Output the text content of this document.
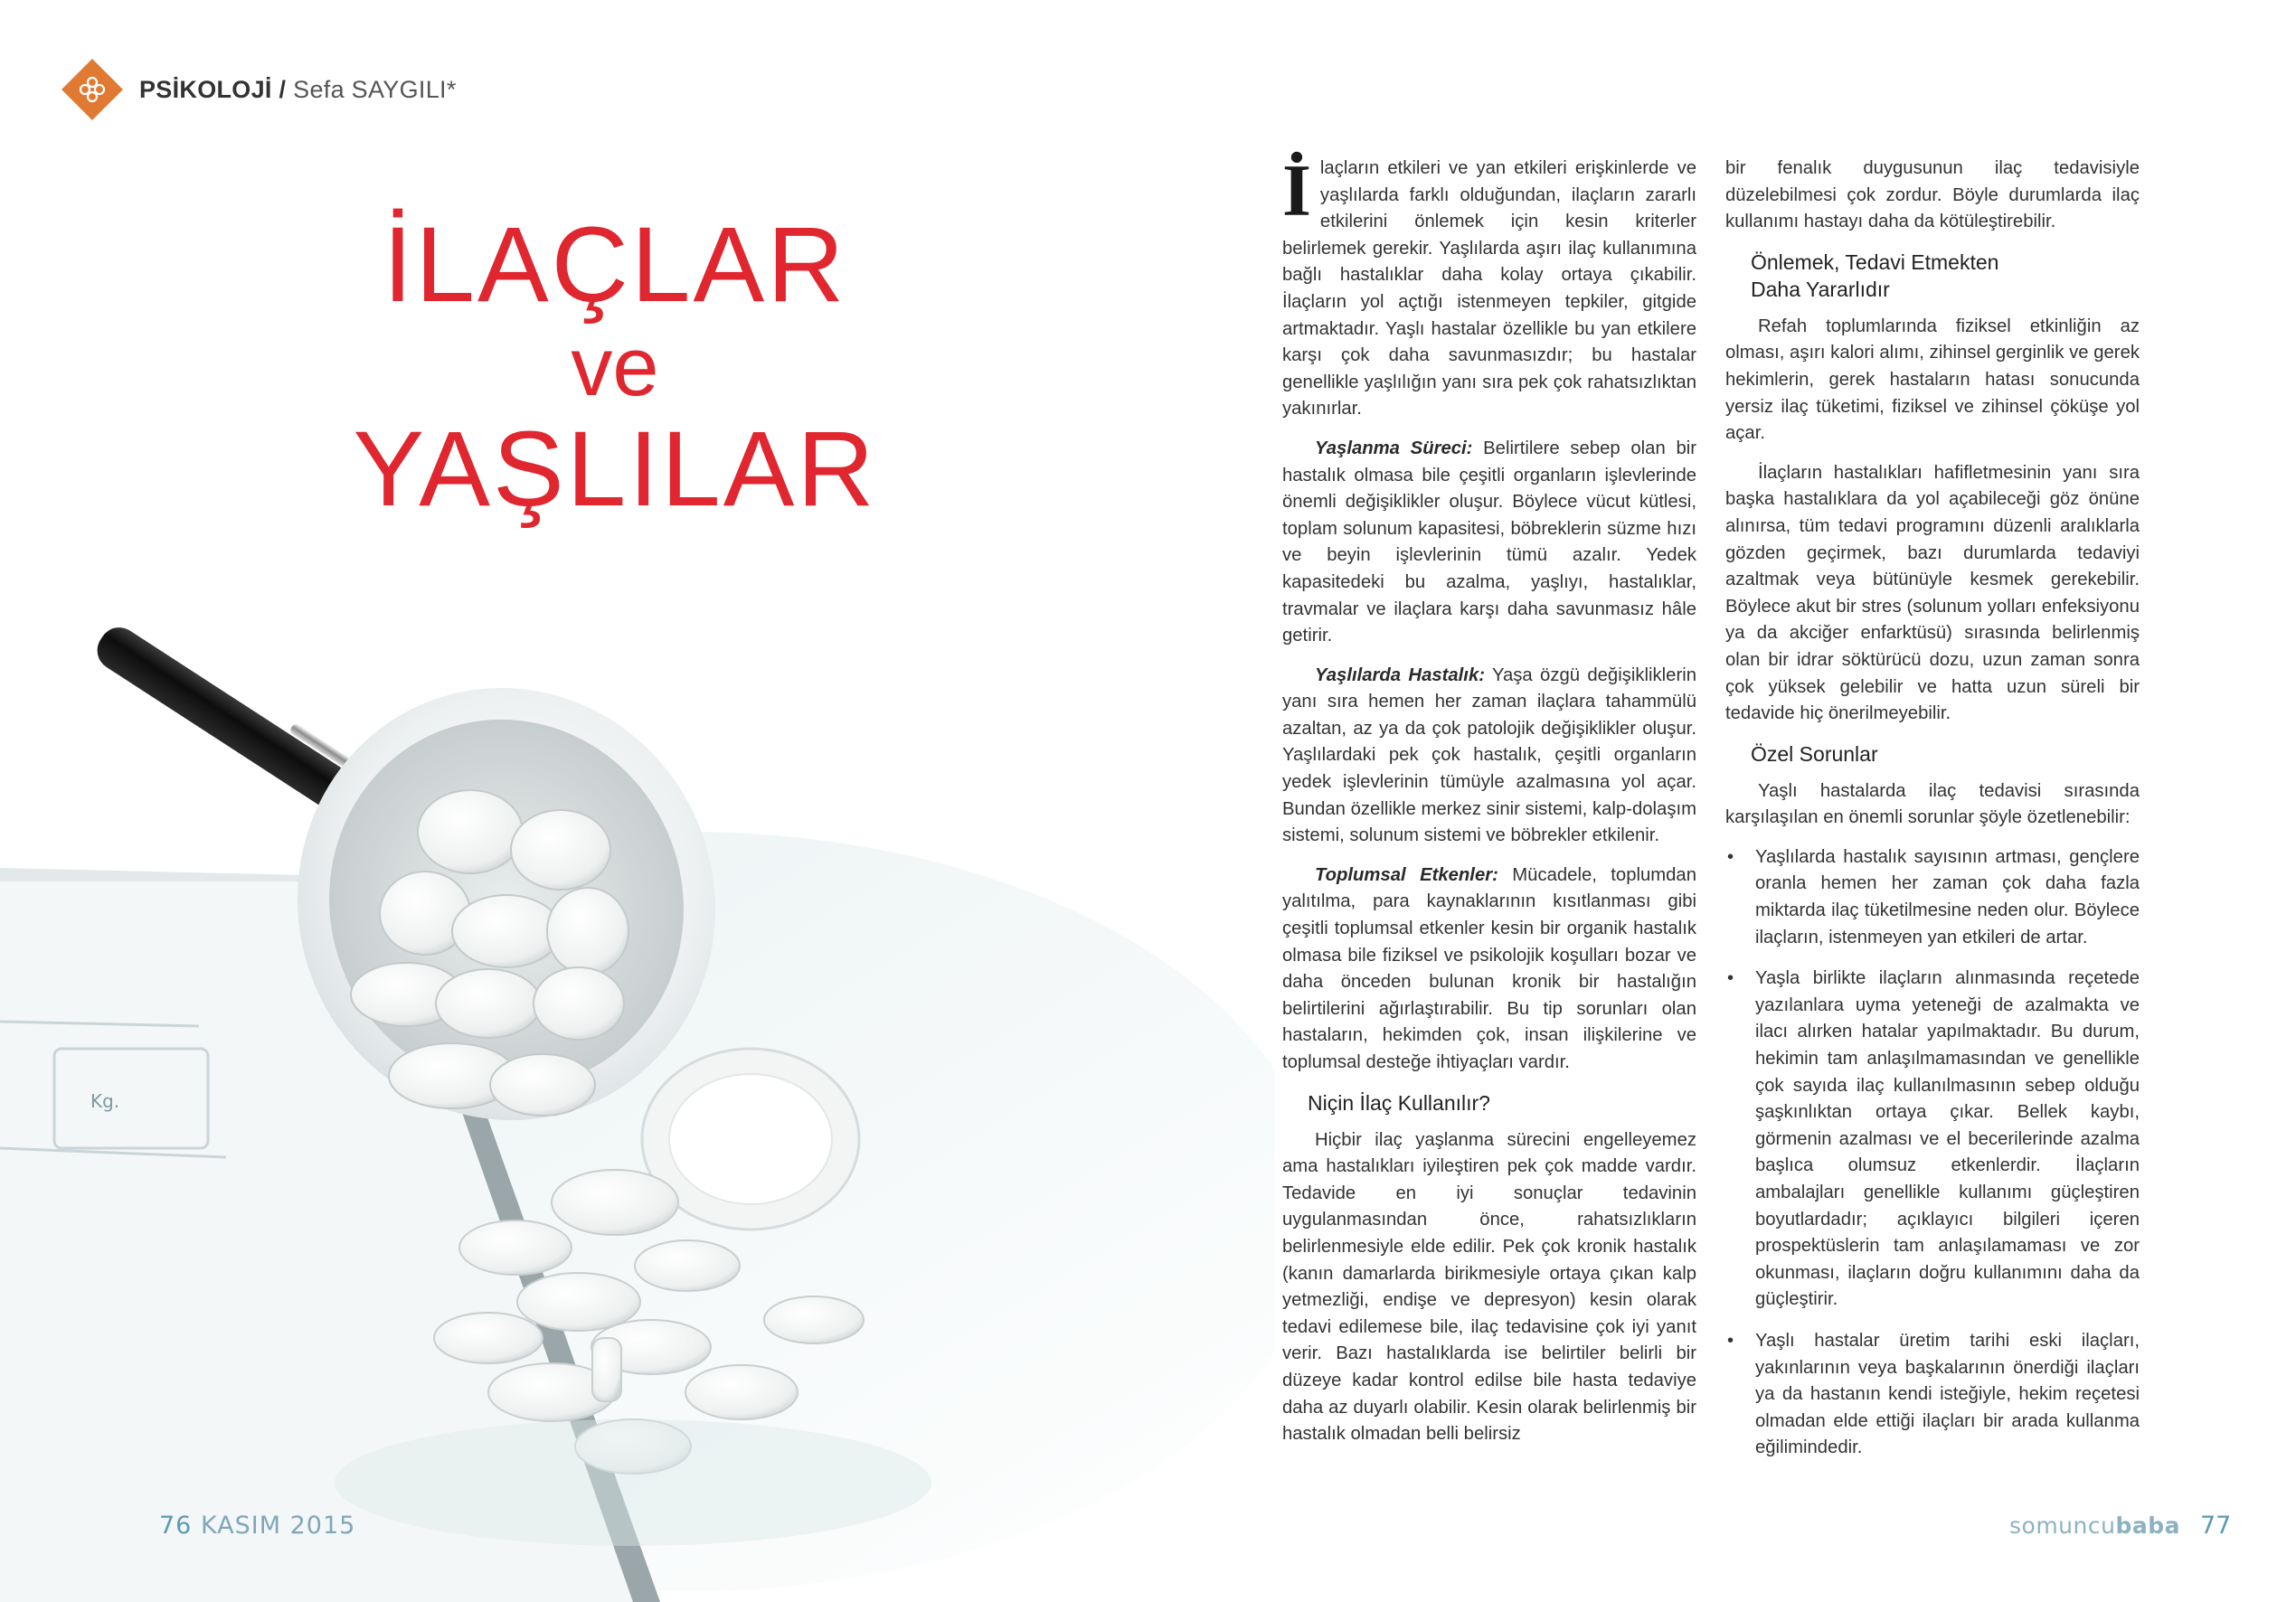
PSİKOLOJİ / Sefa SAYGILI*
İLAÇLAR
ve
YAŞLILAR
Kg.

İlaçların etkileri ve yan etkileri erişkinlerde ve yaşlılarda farklı olduğundan, ilaçların zararlı etkilerini önlemek için kesin kriterler belirlemek gerekir. Yaşlılarda aşırı ilaç kullanımına bağlı hastalıklar daha kolay ortaya çıkabilir. İlaçların yol açtığı istenmeyen tepkiler, gitgide artmaktadır. Yaşlı hastalar özellikle bu yan etkilere karşı çok daha savunmasızdır; bu hastalar genellikle yaşlılığın yanı sıra pek çok rahatsızlıktan yakınırlar.

Yaşlanma Süreci: Belirtilere sebep olan bir hastalık olmasa bile çeşitli organların işlevlerinde önemli değişiklikler oluşur. Böylece vücut kütlesi, toplam solunum kapasitesi, böbreklerin süzme hızı ve beyin işlevlerinin tümü azalır. Yedek kapasitedeki bu azalma, yaşlıyı, hastalıklar, travmalar ve ilaçlara karşı daha savunmasız hâle getirir.

Yaşlılarda Hastalık: Yaşa özgü değişikliklerin yanı sıra hemen her zaman ilaçlara tahammülü azaltan, az ya da çok patolojik değişiklikler oluşur. Yaşlılardaki pek çok hastalık, çeşitli organların yedek işlevlerinin tümüyle azalmasına yol açar. Bundan özellikle merkez sinir sistemi, kalp-dolaşım sistemi, solunum sistemi ve böbrekler etkilenir.

Toplumsal Etkenler: Mücadele, toplumdan yalıtılma, para kaynaklarının kısıtlanması gibi çeşitli toplumsal etkenler kesin bir organik hastalık olmasa bile fiziksel ve psikolojik koşulları bozar ve daha önceden bulunan kronik bir hastalığın belirtilerini ağırlaştırabilir. Bu tip sorunları olan hastaların, hekimden çok, insan ilişkilerine ve toplumsal desteğe ihtiyaçları vardır.

Niçin İlaç Kullanılır?

Hiçbir ilaç yaşlanma sürecini engelleyemez ama hastalıkları iyileştiren pek çok madde vardır. Tedavide en iyi sonuçlar tedavinin uygulanmasından önce, rahatsızlıkların belirlenmesiyle elde edilir. Pek çok kronik hastalık (kanın damarlarda birikmesiyle ortaya çıkan kalp yetmezliği, endişe ve depresyon) kesin olarak tedavi edilemese bile, ilaç tedavisine çok iyi yanıt verir. Bazı hastalıklarda ise belirtiler belirli bir düzeye kadar kontrol edilse bile hasta tedaviye daha az duyarlı olabilir. Kesin olarak belirlenmiş bir hastalık olmadan belli belirsiz

bir fenalık duygusunun ilaç tedavisiyle düzelebilmesi çok zordur. Böyle durumlarda ilaç kullanımı hastayı daha da kötüleştirebilir.

Önlemek, Tedavi Etmekten
Daha Yararlıdır

Refah toplumlarında fiziksel etkinliğin az olması, aşırı kalori alımı, zihinsel gerginlik ve gerek hekimlerin, gerek hastaların hatası sonucunda yersiz ilaç tüketimi, fiziksel ve zihinsel çöküşe yol açar.

İlaçların hastalıkları hafifletmesinin yanı sıra başka hastalıklara da yol açabileceği göz önüne alınırsa, tüm tedavi programını düzenli aralıklarla gözden geçirmek, bazı durumlarda tedaviyi azaltmak veya bütünüyle kesmek gerekebilir. Böylece akut bir stres (solunum yolları enfeksiyonu ya da akciğer enfarktüsü) sırasında belirlenmiş olan bir idrar söktürücü dozu, uzun zaman sonra çok yüksek gelebilir ve hatta uzun süreli bir tedavide hiç önerilmeyebilir.

Özel Sorunlar

Yaşlı hastalarda ilaç tedavisi sırasında karşılaşılan en önemli sorunlar şöyle özetlenebilir:

• Yaşlılarda hastalık sayısının artması, gençlere oranla hemen her zaman çok daha fazla miktarda ilaç tüketilmesine neden olur. Böylece ilaçların, istenmeyen yan etkileri de artar.
• Yaşla birlikte ilaçların alınmasında reçetede yazılanlara uyma yeteneği de azalmakta ve ilacı alırken hatalar yapılmaktadır. Bu durum, hekimin tam anlaşılmamasından ve genellikle çok sayıda ilaç kullanılmasının sebep olduğu şaşkınlıktan ortaya çıkar. Bellek kaybı, görmenin azalması ve el becerilerinde azalma başlıca olumsuz etkenlerdir. İlaçların ambalajları genellikle kullanımı güçleştiren boyutlardadır; açıklayıcı bilgileri içeren prospektüslerin tam anlaşılamaması ve zor okunması, ilaçların doğru kullanımını daha da güçleştirir.
• Yaşlı hastalar üretim tarihi eski ilaçları, yakınlarının veya başkalarının önerdiği ilaçları ya da hastanın kendi isteğiyle, hekim reçetesi olmadan elde ettiği ilaçları bir arada kullanma eğilimindedir.
76 KASIM 2015	somuncubaba 77
